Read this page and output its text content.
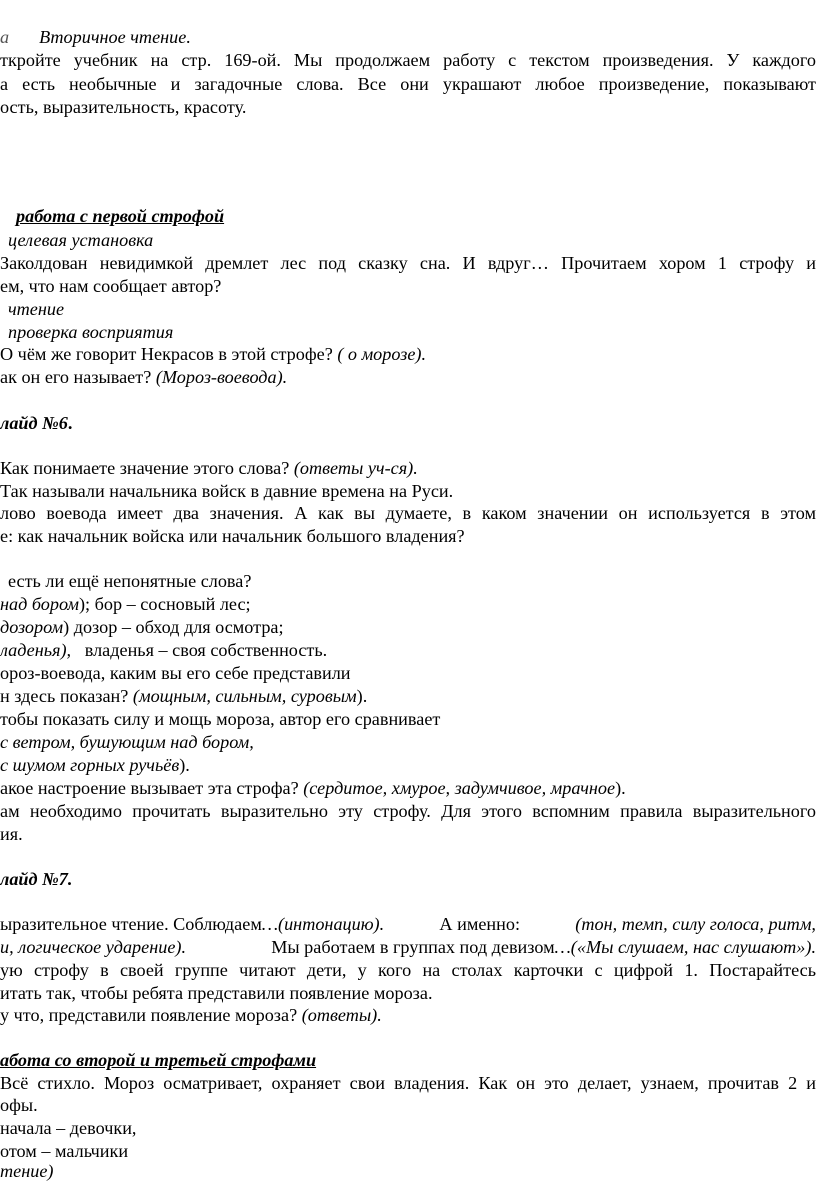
а Вторичное чтение.
ткройте учебник на стр. 169-ой. Мы продолжаем работу с текстом произведения. У каждого
а есть необычные и загадочные слова. Все они украшают любое произведение, показывают
ость, выразительность, красоту.
работа с первой строфой
целевая установка
Заколдован невидимкой дремлет лес под сказку сна. И вдруг… Прочитаем хором 1 строфу и
ем, что нам сообщает автор?
чтение
проверка восприятия
О чём же говорит Некрасов в этой строфе? ( о морозе).
ак он его называет? (Мороз-воевода).
лайд №6.
Как понимаете значение этого слова? (ответы уч-ся).
Так называли начальника войск в давние времена на Руси.
лово воевода имеет два значения. А как вы думаете, в каком значении он используется в этом
е: как начальник войска или начальник большого владения?
есть ли ещё непонятные слова?
над бором); бор – сосновый лес;
дозором) дозор – обход для осмотра;
ладенья), владенья – своя собственность.
ороз-воевода, каким вы его себе представили
н здесь показан? (мощным, сильным, суровым).
тобы показать силу и мощь мороза, автор его сравнивает
с ветром, бушующим над бором,
с шумом горных ручьёв).
акое настроение вызывает эта строфа? (сердитое, хмурое, задумчивое, мрачное).
ам необходимо прочитать выразительно эту строфу. Для этого вспомним правила выразительного
ия.
лайд №7.
ыразительное чтение. Соблюдаем…(интонацию).	А именно:	(тон, темп, силу голоса, ритм,
и, логическое ударение).	Мы работаем в группах под девизом…(«Мы слушаем, нас слушают»).
ую строфу в своей группе читают дети, у кого на столах карточки с цифрой 1. Постарайтесь
итать так, чтобы ребята представили появление мороза.
у что, представили появление мороза? (ответы).
абота со второй и третьей строфами
Всё стихло. Мороз осматривает, охраняет свои владения. Как он это делает, узнаем, прочитав 2 и
офы.
начала – девочки,
отом – мальчики
тение)
